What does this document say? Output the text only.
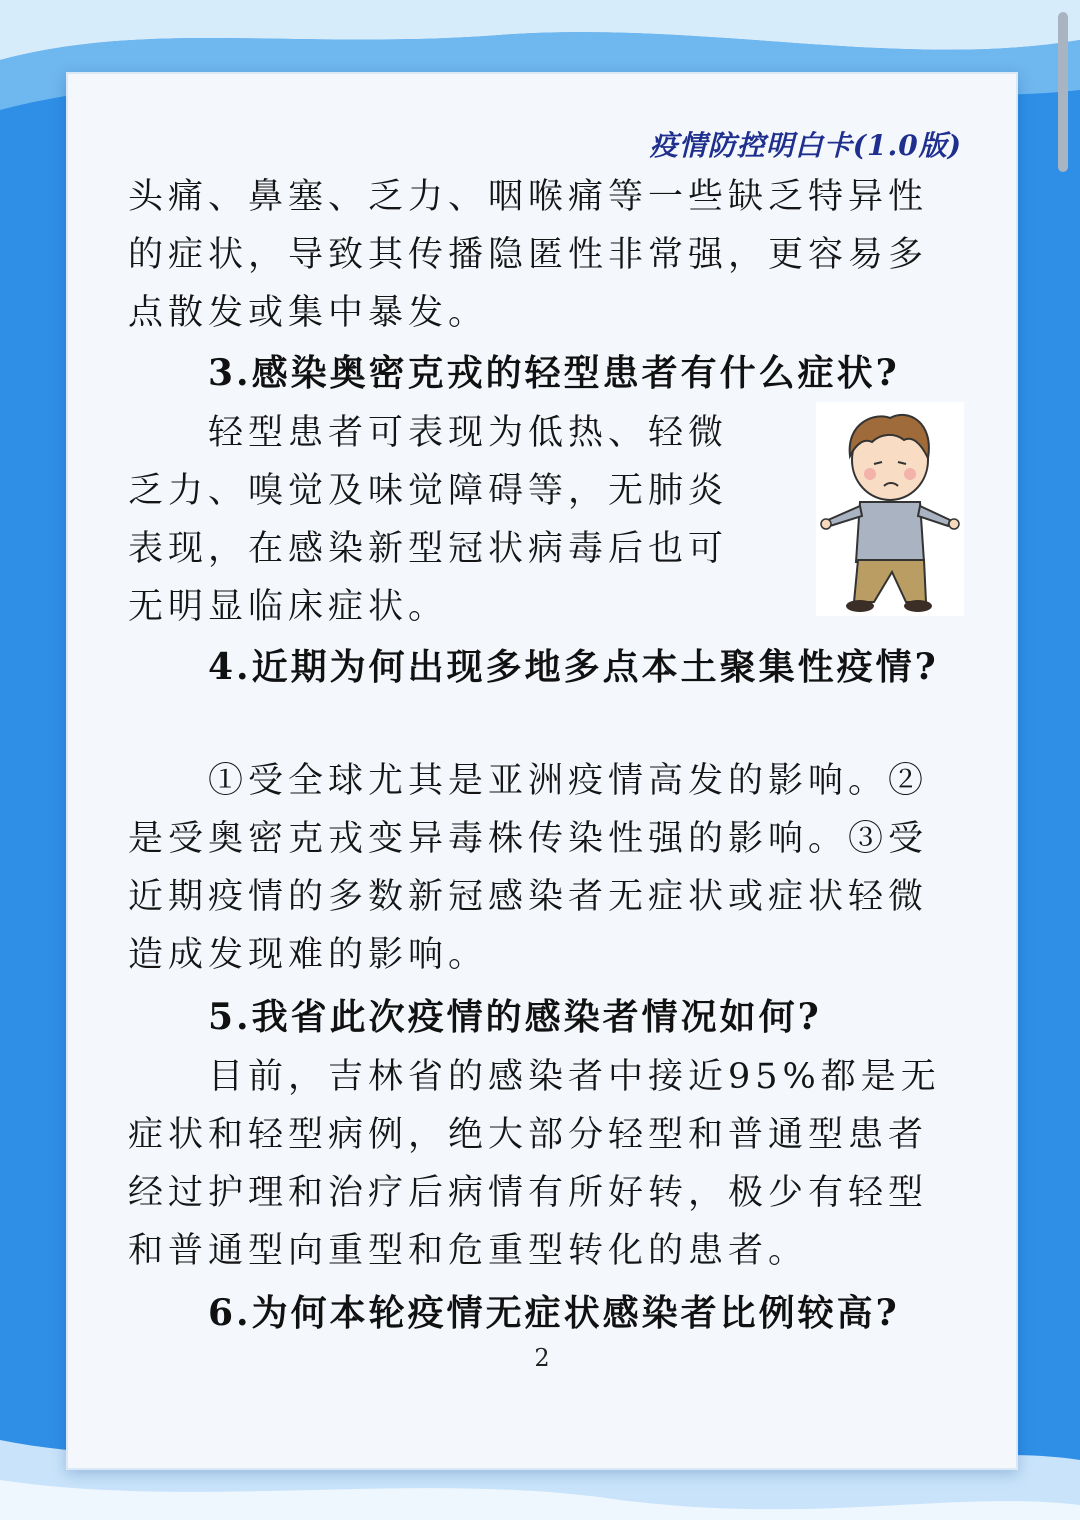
疫情防控明白卡(1.0版)
头痛、鼻塞、乏力、咽喉痛等一些缺乏特异性的症状，导致其传播隐匿性非常强，更容易多点散发或集中暴发。
3.感染奥密克戎的轻型患者有什么症状?
轻型患者可表现为低热、轻微乏力、嗅觉及味觉障碍等，无肺炎表现，在感染新型冠状病毒后也可无明显临床症状。
4.近期为何出现多地多点本土聚集性疫情?
①受全球尤其是亚洲疫情高发的影响。②是受奥密克戎变异毒株传染性强的影响。③受近期疫情的多数新冠感染者无症状或症状轻微造成发现难的影响。
5.我省此次疫情的感染者情况如何?
目前，吉林省的感染者中接近95%都是无症状和轻型病例，绝大部分轻型和普通型患者经过护理和治疗后病情有所好转，极少有轻型和普通型向重型和危重型转化的患者。
6.为何本轮疫情无症状感染者比例较高?
2
